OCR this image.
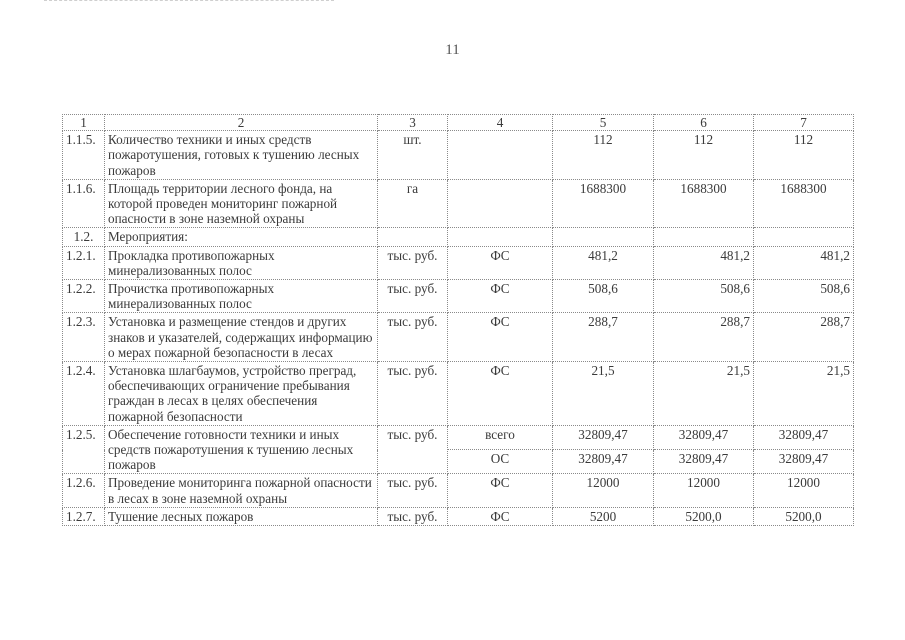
11
1	2	3	4	5	6	7
1.1.5.	Количество техники и иных средств пожаротушения, готовых к тушению лесных пожаров	шт.		112	112	112
1.1.6.	Площадь территории лесного фонда, на которой проведен мониторинг пожарной опасности в зоне наземной охраны	га		1688300	1688300	1688300
1.2.	Мероприятия:					
1.2.1.	Прокладка противопожарных минерализованных полос	тыс. руб.	ФС	481,2	481,2	481,2
1.2.2.	Прочистка противопожарных минерализованных полос	тыс. руб.	ФС	508,6	508,6	508,6
1.2.3.	Установка и размещение стендов и других знаков и указателей, содержащих информацию о мерах пожарной безопасности в лесах	тыс. руб.	ФС	288,7	288,7	288,7
1.2.4.	Установка шлагбаумов, устройство преград, обеспечивающих ограничение пребывания граждан в лесах в целях обеспечения пожарной безопасности	тыс. руб.	ФС	21,5	21,5	21,5
1.2.5.	Обеспечение готовности техники и иных средств пожаротушения к тушению лесных пожаров	тыс. руб.	всего	32809,47	32809,47	32809,47
			ОС	32809,47	32809,47	32809,47
1.2.6.	Проведение мониторинга пожарной опасности в лесах в зоне наземной охраны	тыс. руб.	ФС	12000	12000	12000
1.2.7.	Тушение лесных пожаров	тыс. руб.	ФС	5200	5200,0	5200,0
